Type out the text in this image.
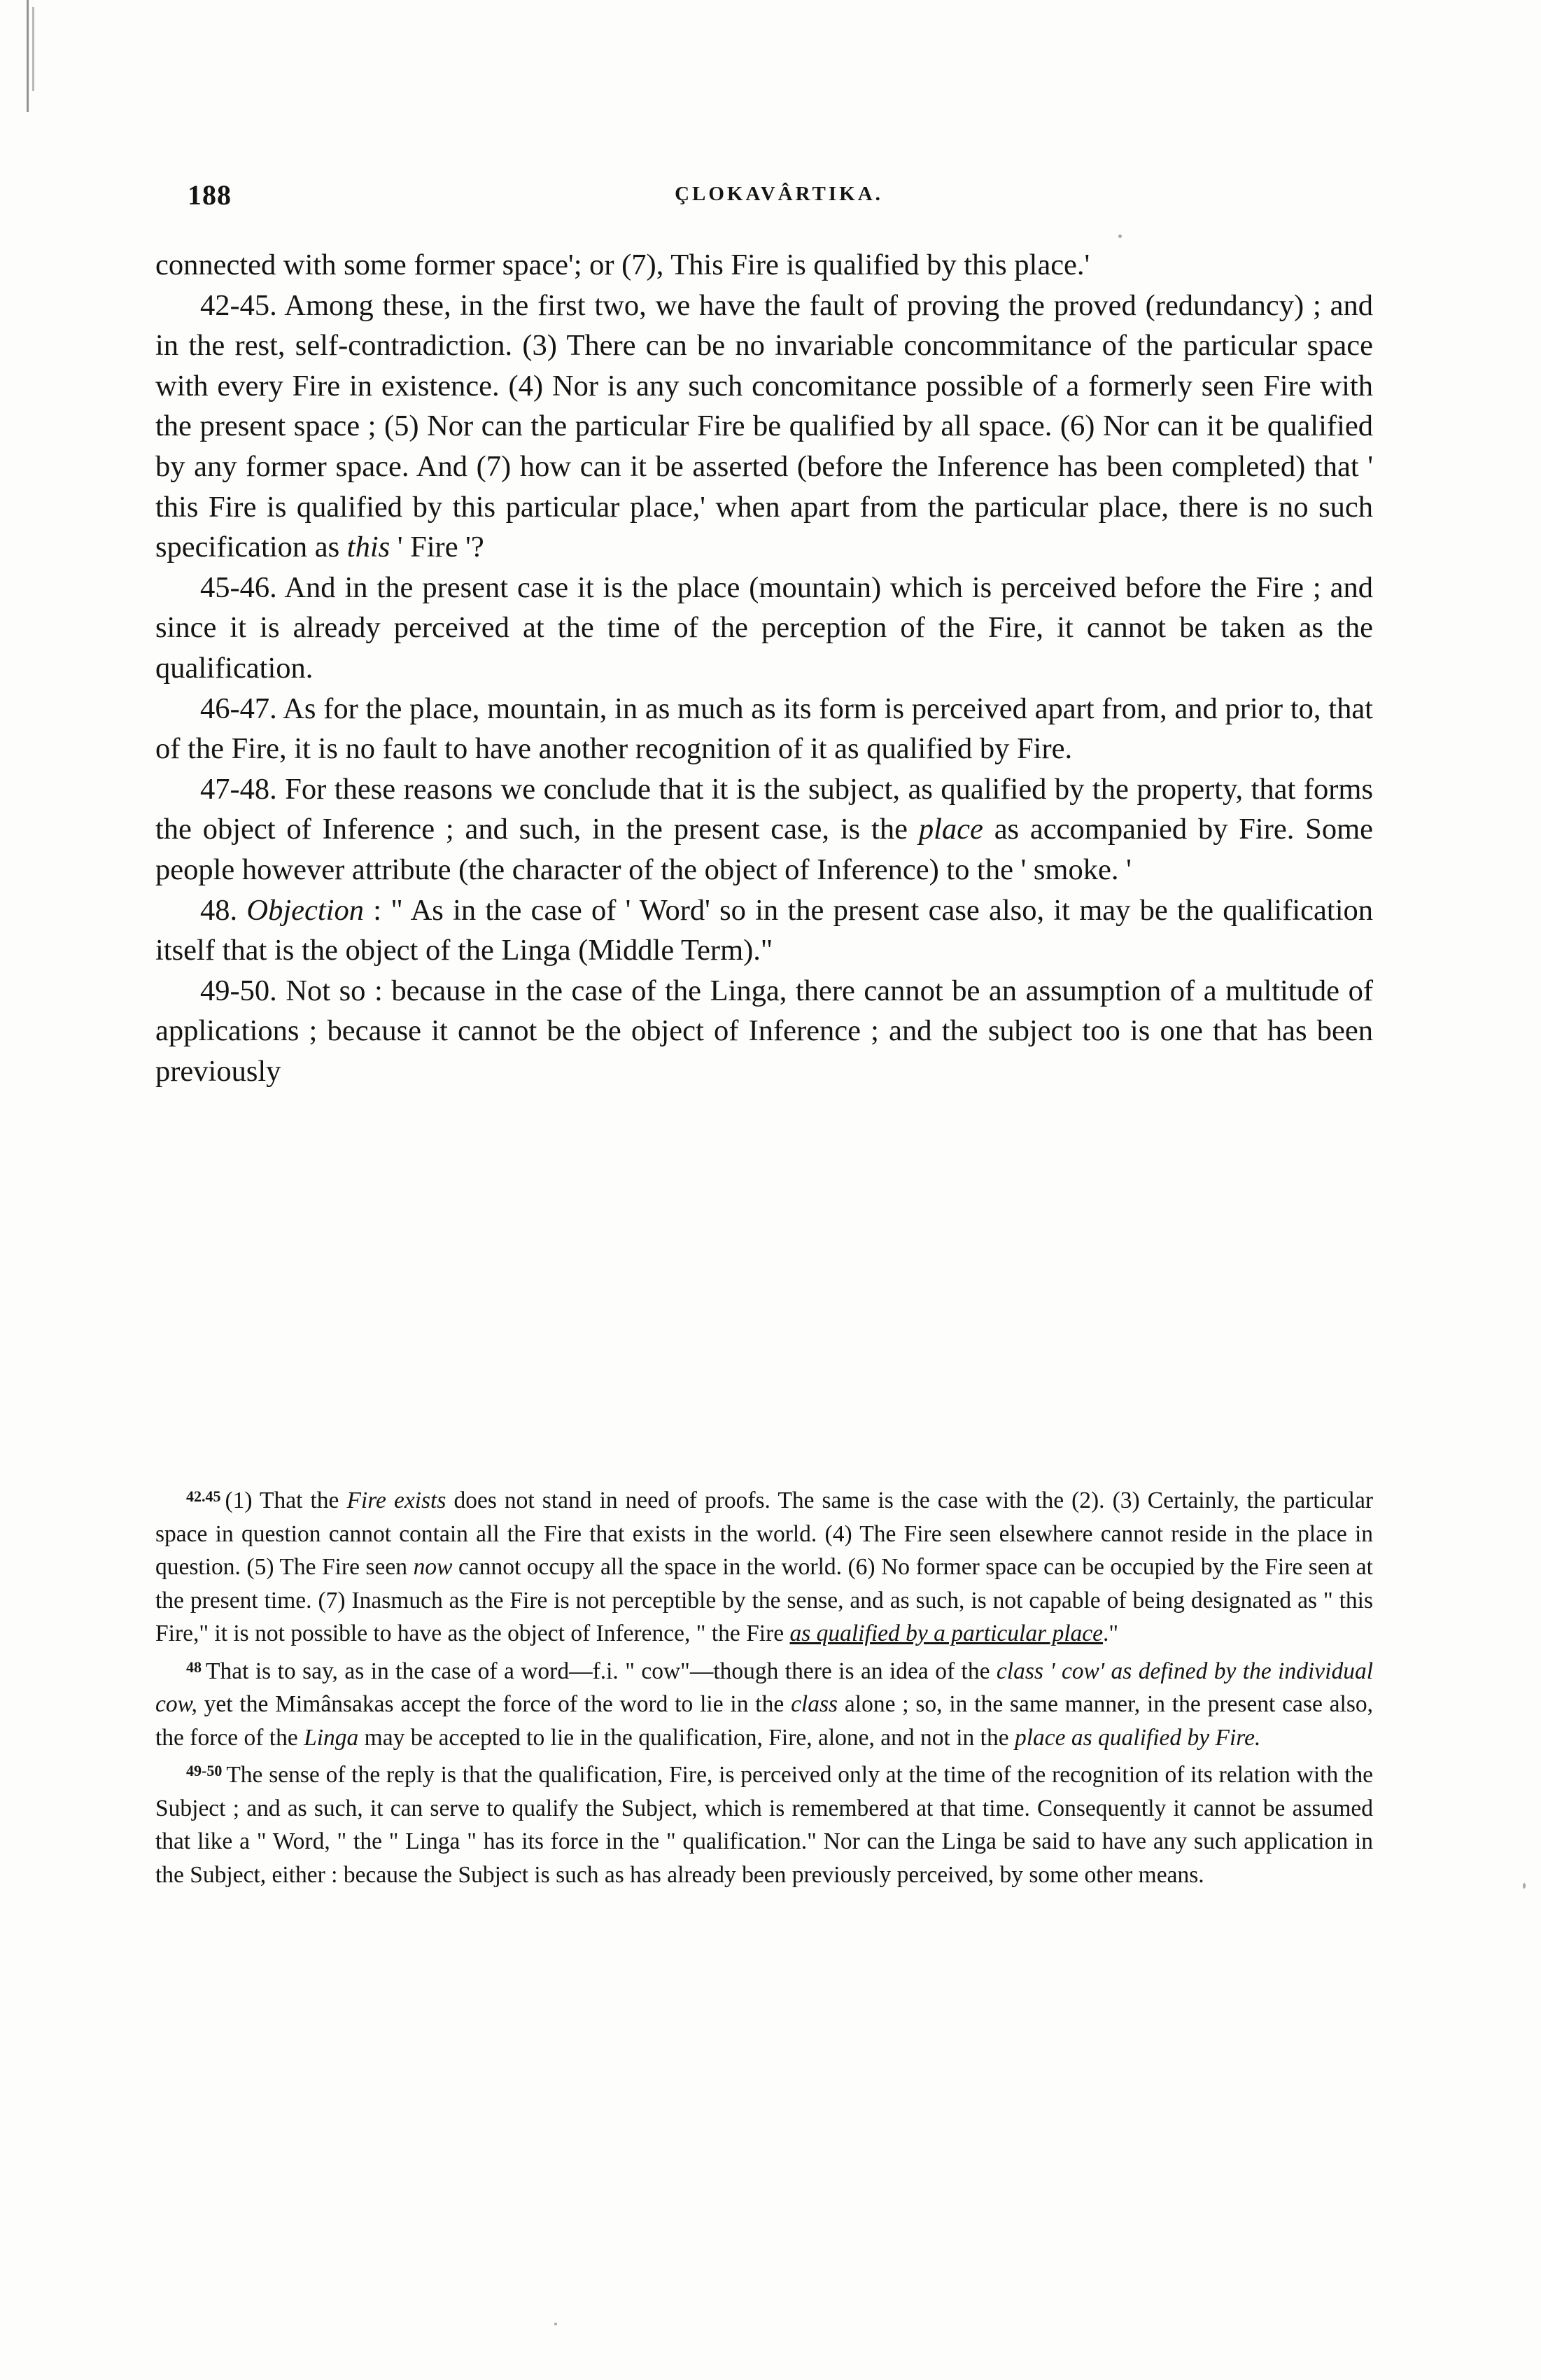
188	ÇLOKAVÂRTIKA.

connected with some former space'; or (7), This Fire is qualified by this place.'

42-45. Among these, in the first two, we have the fault of proving the proved (redundancy) ; and in the rest, self-contradiction. (3) There can be no invariable concommitance of the particular space with every Fire in existence. (4) Nor is any such concomitance possible of a formerly seen Fire with the present space ; (5) Nor can the particular Fire be qualified by all space. (6) Nor can it be qualified by any former space. And (7) how can it be asserted (before the Inference has been completed) that ' this Fire is qualified by this particular place,' when apart from the particular place, there is no such specification as this ' Fire '?

45-46. And in the present case it is the place (mountain) which is perceived before the Fire ; and since it is already perceived at the time of the perception of the Fire, it cannot be taken as the qualification.

46-47. As for the place, mountain, in as much as its form is perceived apart from, and prior to, that of the Fire, it is no fault to have another recognition of it as qualified by Fire.

47-48. For these reasons we conclude that it is the subject, as qualified by the property, that forms the object of Inference ; and such, in the present case, is the place as accompanied by Fire. Some people however attribute (the character of the object of Inference) to the ' smoke. '

48. Objection : " As in the case of ' Word' so in the present case also, it may be the qualification itself that is the object of the Linga (Middle Term)."

49-50. Not so : because in the case of the Linga, there cannot be an assumption of a multitude of applications ; because it cannot be the object of Inference ; and the subject too is one that has been previously

$^{42.45}$ (1) That the Fire exists does not stand in need of proofs. The same is the case with the (2). (3) Certainly, the particular space in question cannot contain all the Fire that exists in the world. (4) The Fire seen elsewhere cannot reside in the place in question. (5) The Fire seen now cannot occupy all the space in the world. (6) No former space can be occupied by the Fire seen at the present time. (7) Inasmuch as the Fire is not perceptible by the sense, and as such, is not capable of being designated as " this Fire," it is not possible to have as the object of Inference, " the Fire as qualified by a particular place."

$^{48}$ That is to say, as in the case of a word—f.i. " cow"—though there is an idea of the class ' cow' as defined by the individual cow, yet the Mimânsakas accept the force of the word to lie in the class alone ; so, in the same manner, in the present case also, the force of the Linga may be accepted to lie in the qualification, Fire, alone, and not in the place as qualified by Fire.

$^{49-50}$ The sense of the reply is that the qualification, Fire, is perceived only at the time of the recognition of its relation with the Subject ; and as such, it can serve to qualify the Subject, which is remembered at that time. Consequently it cannot be assumed that like a " Word, " the " Linga " has its force in the " qualification." Nor can the Linga be said to have any such application in the Subject, either : because the Subject is such as has already been previously perceived, by some other means.
